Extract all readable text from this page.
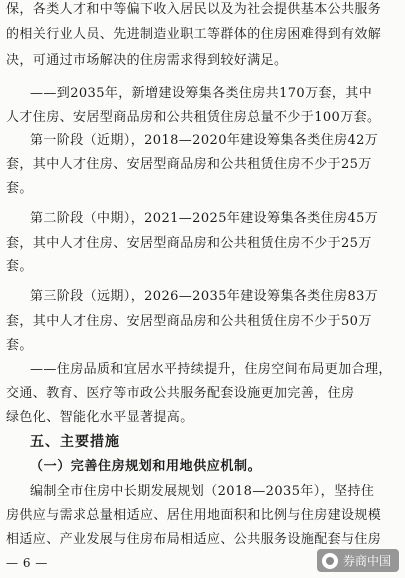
保，各类人才和中等偏下收入居民以及为社会提供基本公共服务
的相关行业人员、先进制造业职工等群体的住房困难得到有效解
决，可通过市场解决的住房需求得到较好满足。
——到2035年，新增建设筹集各类住房共170万套，其中
人才住房、安居型商品房和公共租赁住房总量不少于100万套。
第一阶段（近期），2018—2020年建设筹集各类住房42万
套，其中人才住房、安居型商品房和公共租赁住房不少于25万
套。
第二阶段（中期），2021—2025年建设筹集各类住房45万
套，其中人才住房、安居型商品房和公共租赁住房不少于25万
套。
第三阶段（远期），2026—2035年建设筹集各类住房83万
套，其中人才住房、安居型商品房和公共租赁住房不少于50万
套。
——住房品质和宜居水平持续提升，住房空间布局更加合理，
交通、教育、医疗等市政公共服务配套设施更加完善，住房
绿色化、智能化水平显著提高。
五、主要措施
（一）完善住房规划和用地供应机制。
编制全市住房中长期发展规划（2018—2035年），坚持住
房供应与需求总量相适应、居住用地面积和比例与住房建设规模
相适应、产业发展与住房布局相适应、公共服务设施配套与住房
— 6 —	券商中国
